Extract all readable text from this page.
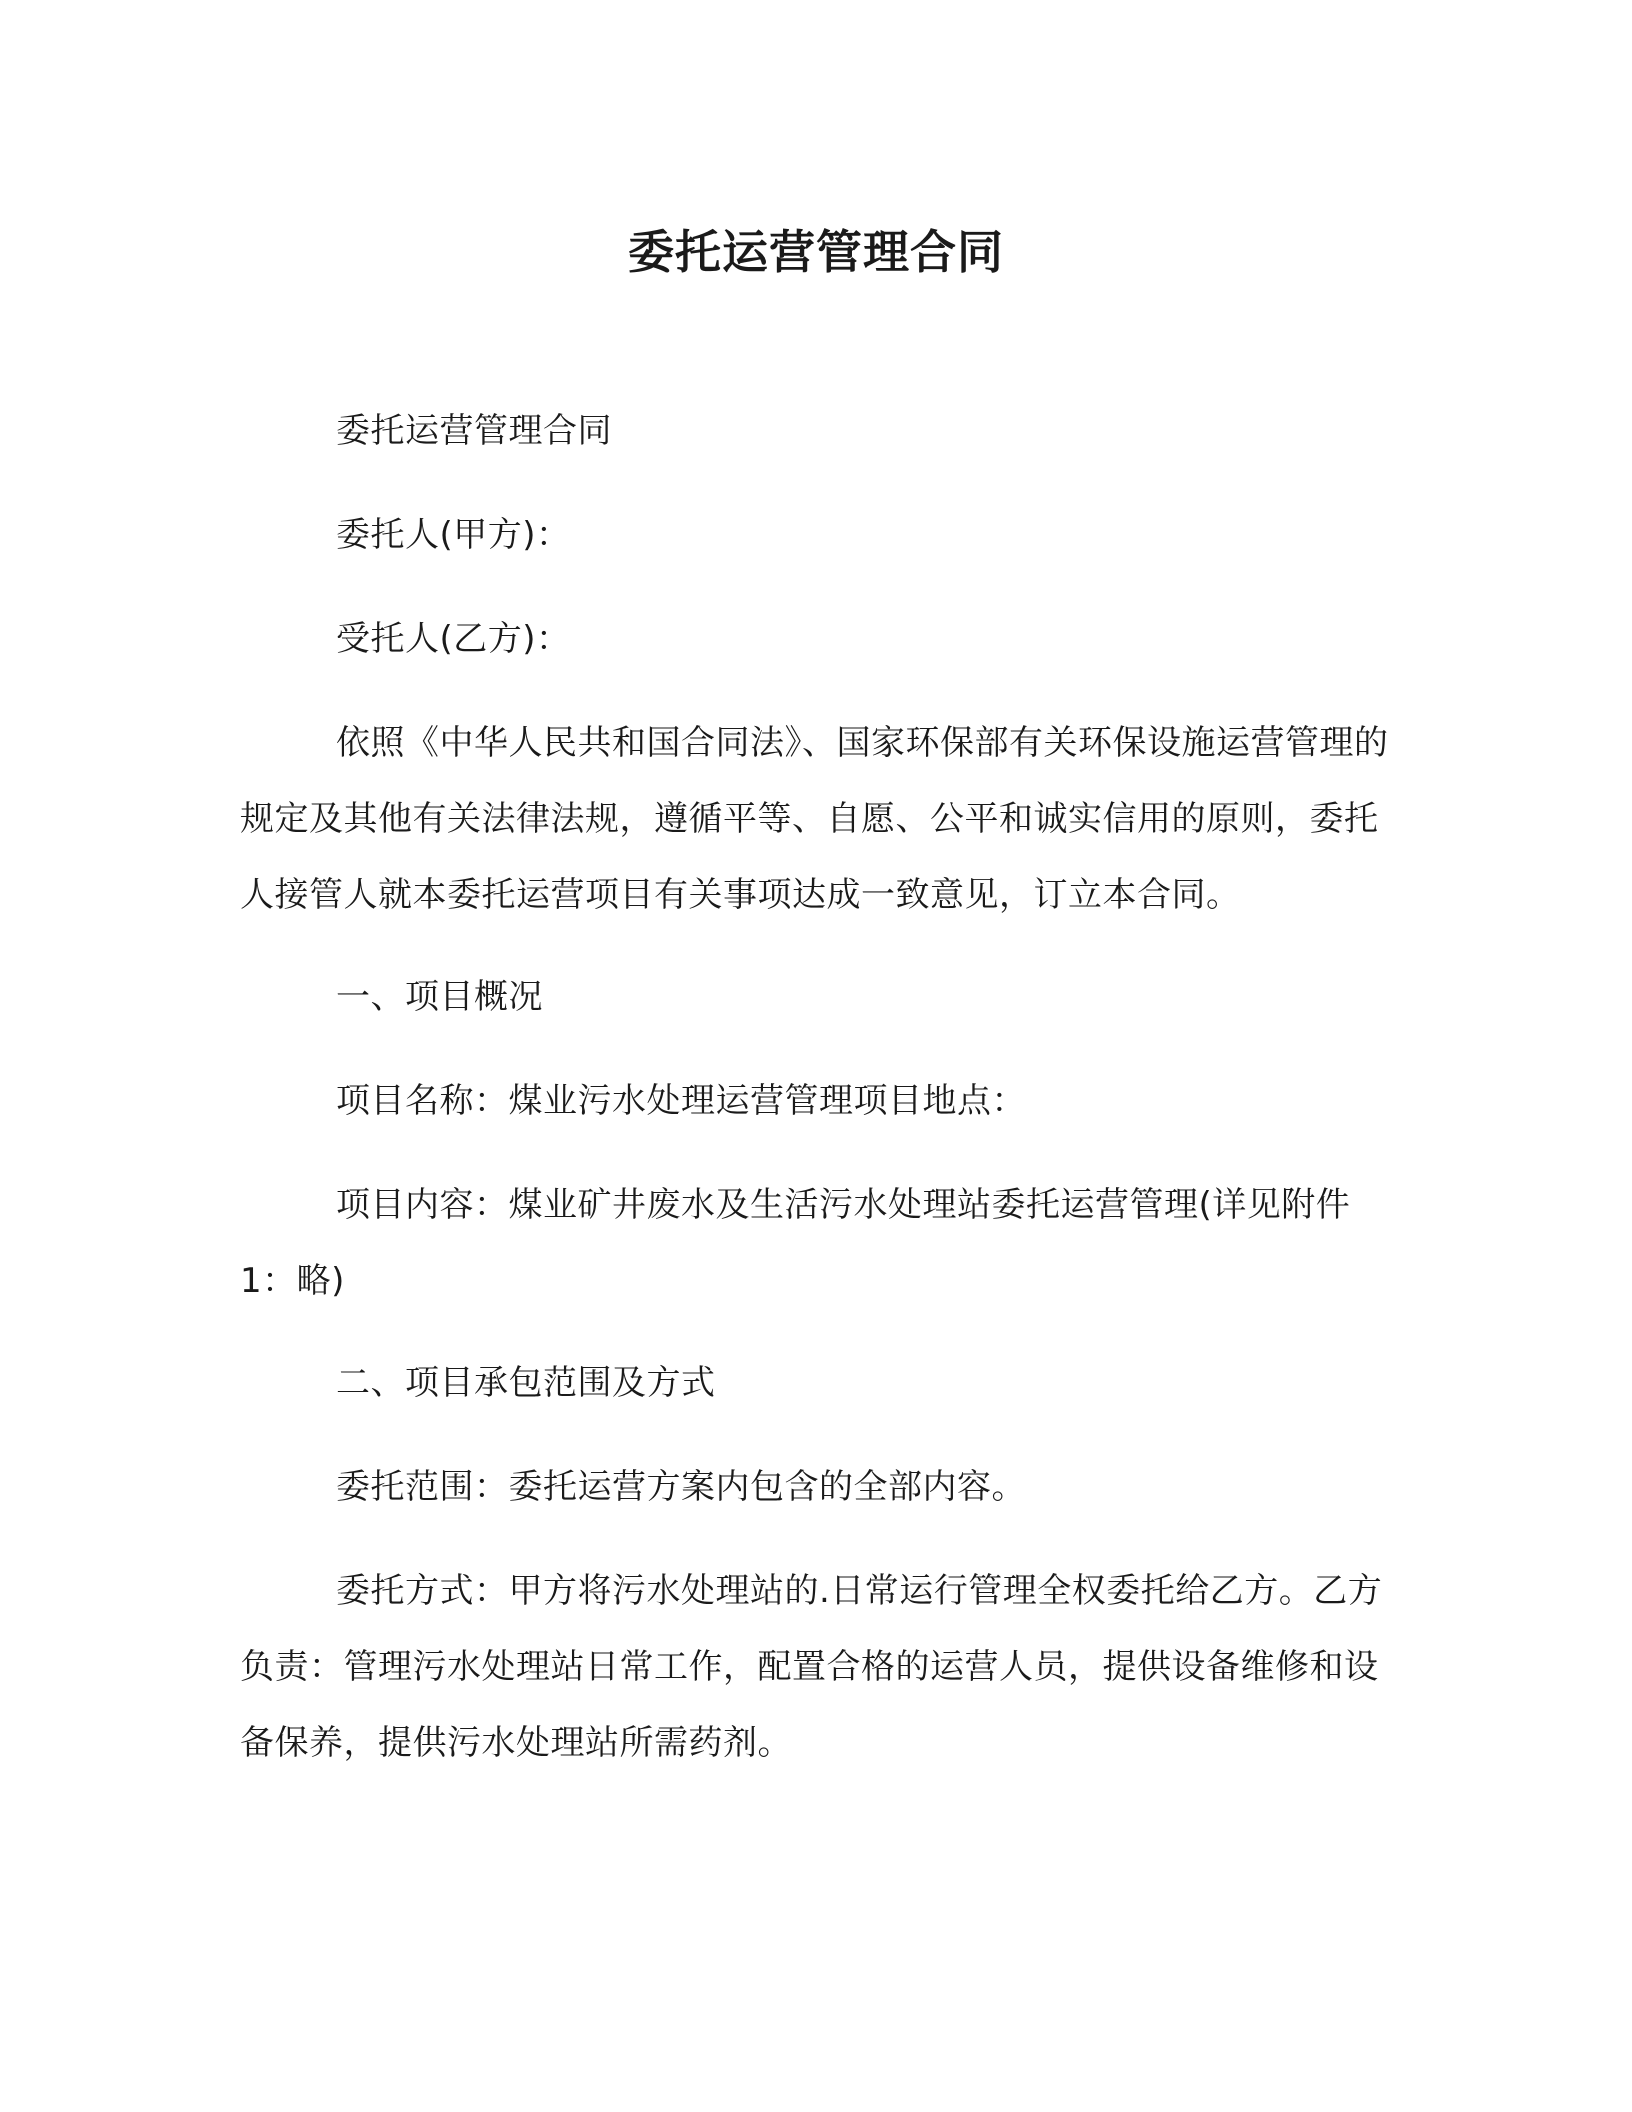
委托运营管理合同

委托运营管理合同

委托人(甲方)：

受托人(乙方)：

依照《中华人民共和国合同法》、国家环保部有关环保设施运营管理的规定及其他有关法律法规，遵循平等、自愿、公平和诚实信用的原则，委托人接管人就本委托运营项目有关事项达成一致意见，订立本合同。

一、项目概况

项目名称：煤业污水处理运营管理项目地点：

项目内容：煤业矿井废水及生活污水处理站委托运营管理(详见附件 1：略)

二、项目承包范围及方式

委托范围：委托运营方案内包含的全部内容。

委托方式：甲方将污水处理站的.日常运行管理全权委托给乙方。乙方负责：管理污水处理站日常工作，配置合格的运营人员，提供设备维修和设备保养，提供污水处理站所需药剂。
